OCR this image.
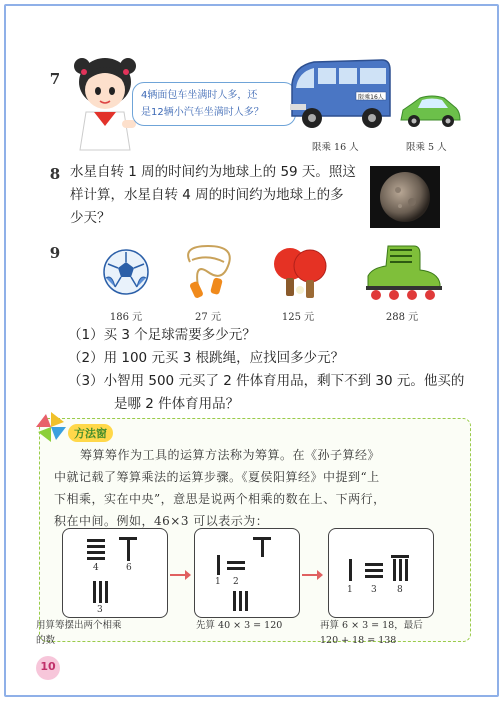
7
4辆面包车坐满时人多，还
是12辆小汽车坐满时人多？
限乘16人
限乘 16 人	限乘 5 人
8 水星自转 1 周的时间约为地球上的 59 天。照这
样计算，水星自转 4 周的时间约为地球上的多
少天？
9
186 元	27 元	125 元	288 元
（1）买 3 个足球需要多少元？
（2）用 100 元买 3 根跳绳，应找回多少元？
（3）小智用 500 元买了 2 件体育用品，剩下不到 30 元。他买的
是哪 2 件体育用品？
方法窗
筹算筹作为工具的运算方法称为筹算。在《孙子算经》
中就记载了筹算乘法的运算步骤。《夏侯阳算经》中提到“上
下相乘，实在中央”，意思是说两个相乘的数在上、下两行，
积在中间。例如，46×3 可以表示为：
4	6
3
1 2
1 3 8
用算筹摆出两个相乘
的数
先算 40 × 3 = 120	再算 6 × 3 = 18，最后
120 + 18 = 138
10
